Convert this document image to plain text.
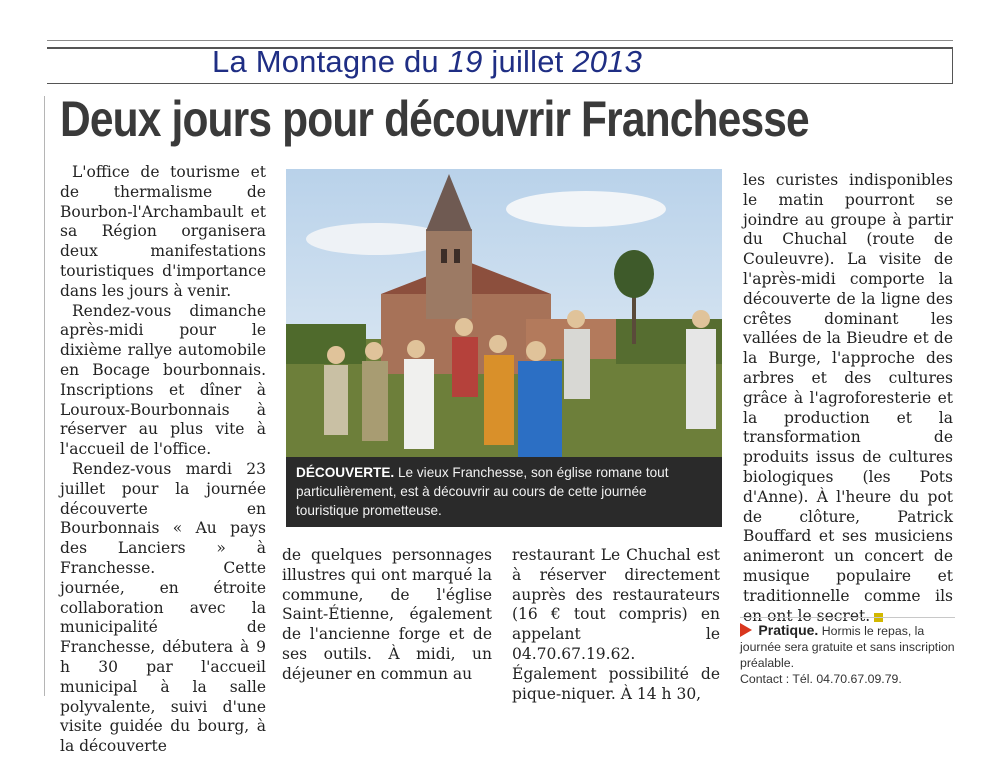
La Montagne du 19 juillet 2013
Deux jours pour découvrir Franchesse

L'office de tourisme et de thermalisme de Bourbon-l'Archambault et sa Région organisera deux manifestations touristiques d'importance dans les jours à venir.

Rendez-vous dimanche après-midi pour le dixième rallye automobile en Bocage bourbonnais. Inscriptions et dîner à Louroux-Bourbonnais à réserver au plus vite à l'accueil de l'office.

Rendez-vous mardi 23 juillet pour la journée découverte en Bourbonnais « Au pays des Lanciers » à Franchesse. Cette journée, en étroite collaboration avec la municipalité de Franchesse, débutera à 9 h 30 par l'accueil municipal à la salle polyvalente, suivi d'une visite guidée du bourg, à la découverte

DÉCOUVERTE. Le vieux Franchesse, son église romane tout particulièrement, est à découvrir au cours de cette journée touristique prometteuse.

de quelques personnages illustres qui ont marqué la commune, de l'église Saint-Étienne, également de l'ancienne forge et de ses outils. À midi, un déjeuner en commun au

restaurant Le Chuchal est à réserver directement auprès des restaurateurs (16 € tout compris) en appelant le 04.70.67.19.62. Également possibilité de pique-niquer. À 14 h 30,

les curistes indisponibles le matin pourront se joindre au groupe à partir du Chuchal (route de Couleuvre). La visite de l'après-midi comporte la découverte de la ligne des crêtes dominant les vallées de la Bieudre et de la Burge, l'approche des arbres et des cultures grâce à l'agroforesterie et la production et la transformation de produits issus de cultures biologiques (les Pots d'Anne). À l'heure du pot de clôture, Patrick Bouffard et ses musiciens animeront un concert de musique populaire et traditionnelle comme ils en ont le secret.

Pratique. Hormis le repas, la journée sera gratuite et sans inscription préalable.
Contact : Tél. 04.70.67.09.79.
